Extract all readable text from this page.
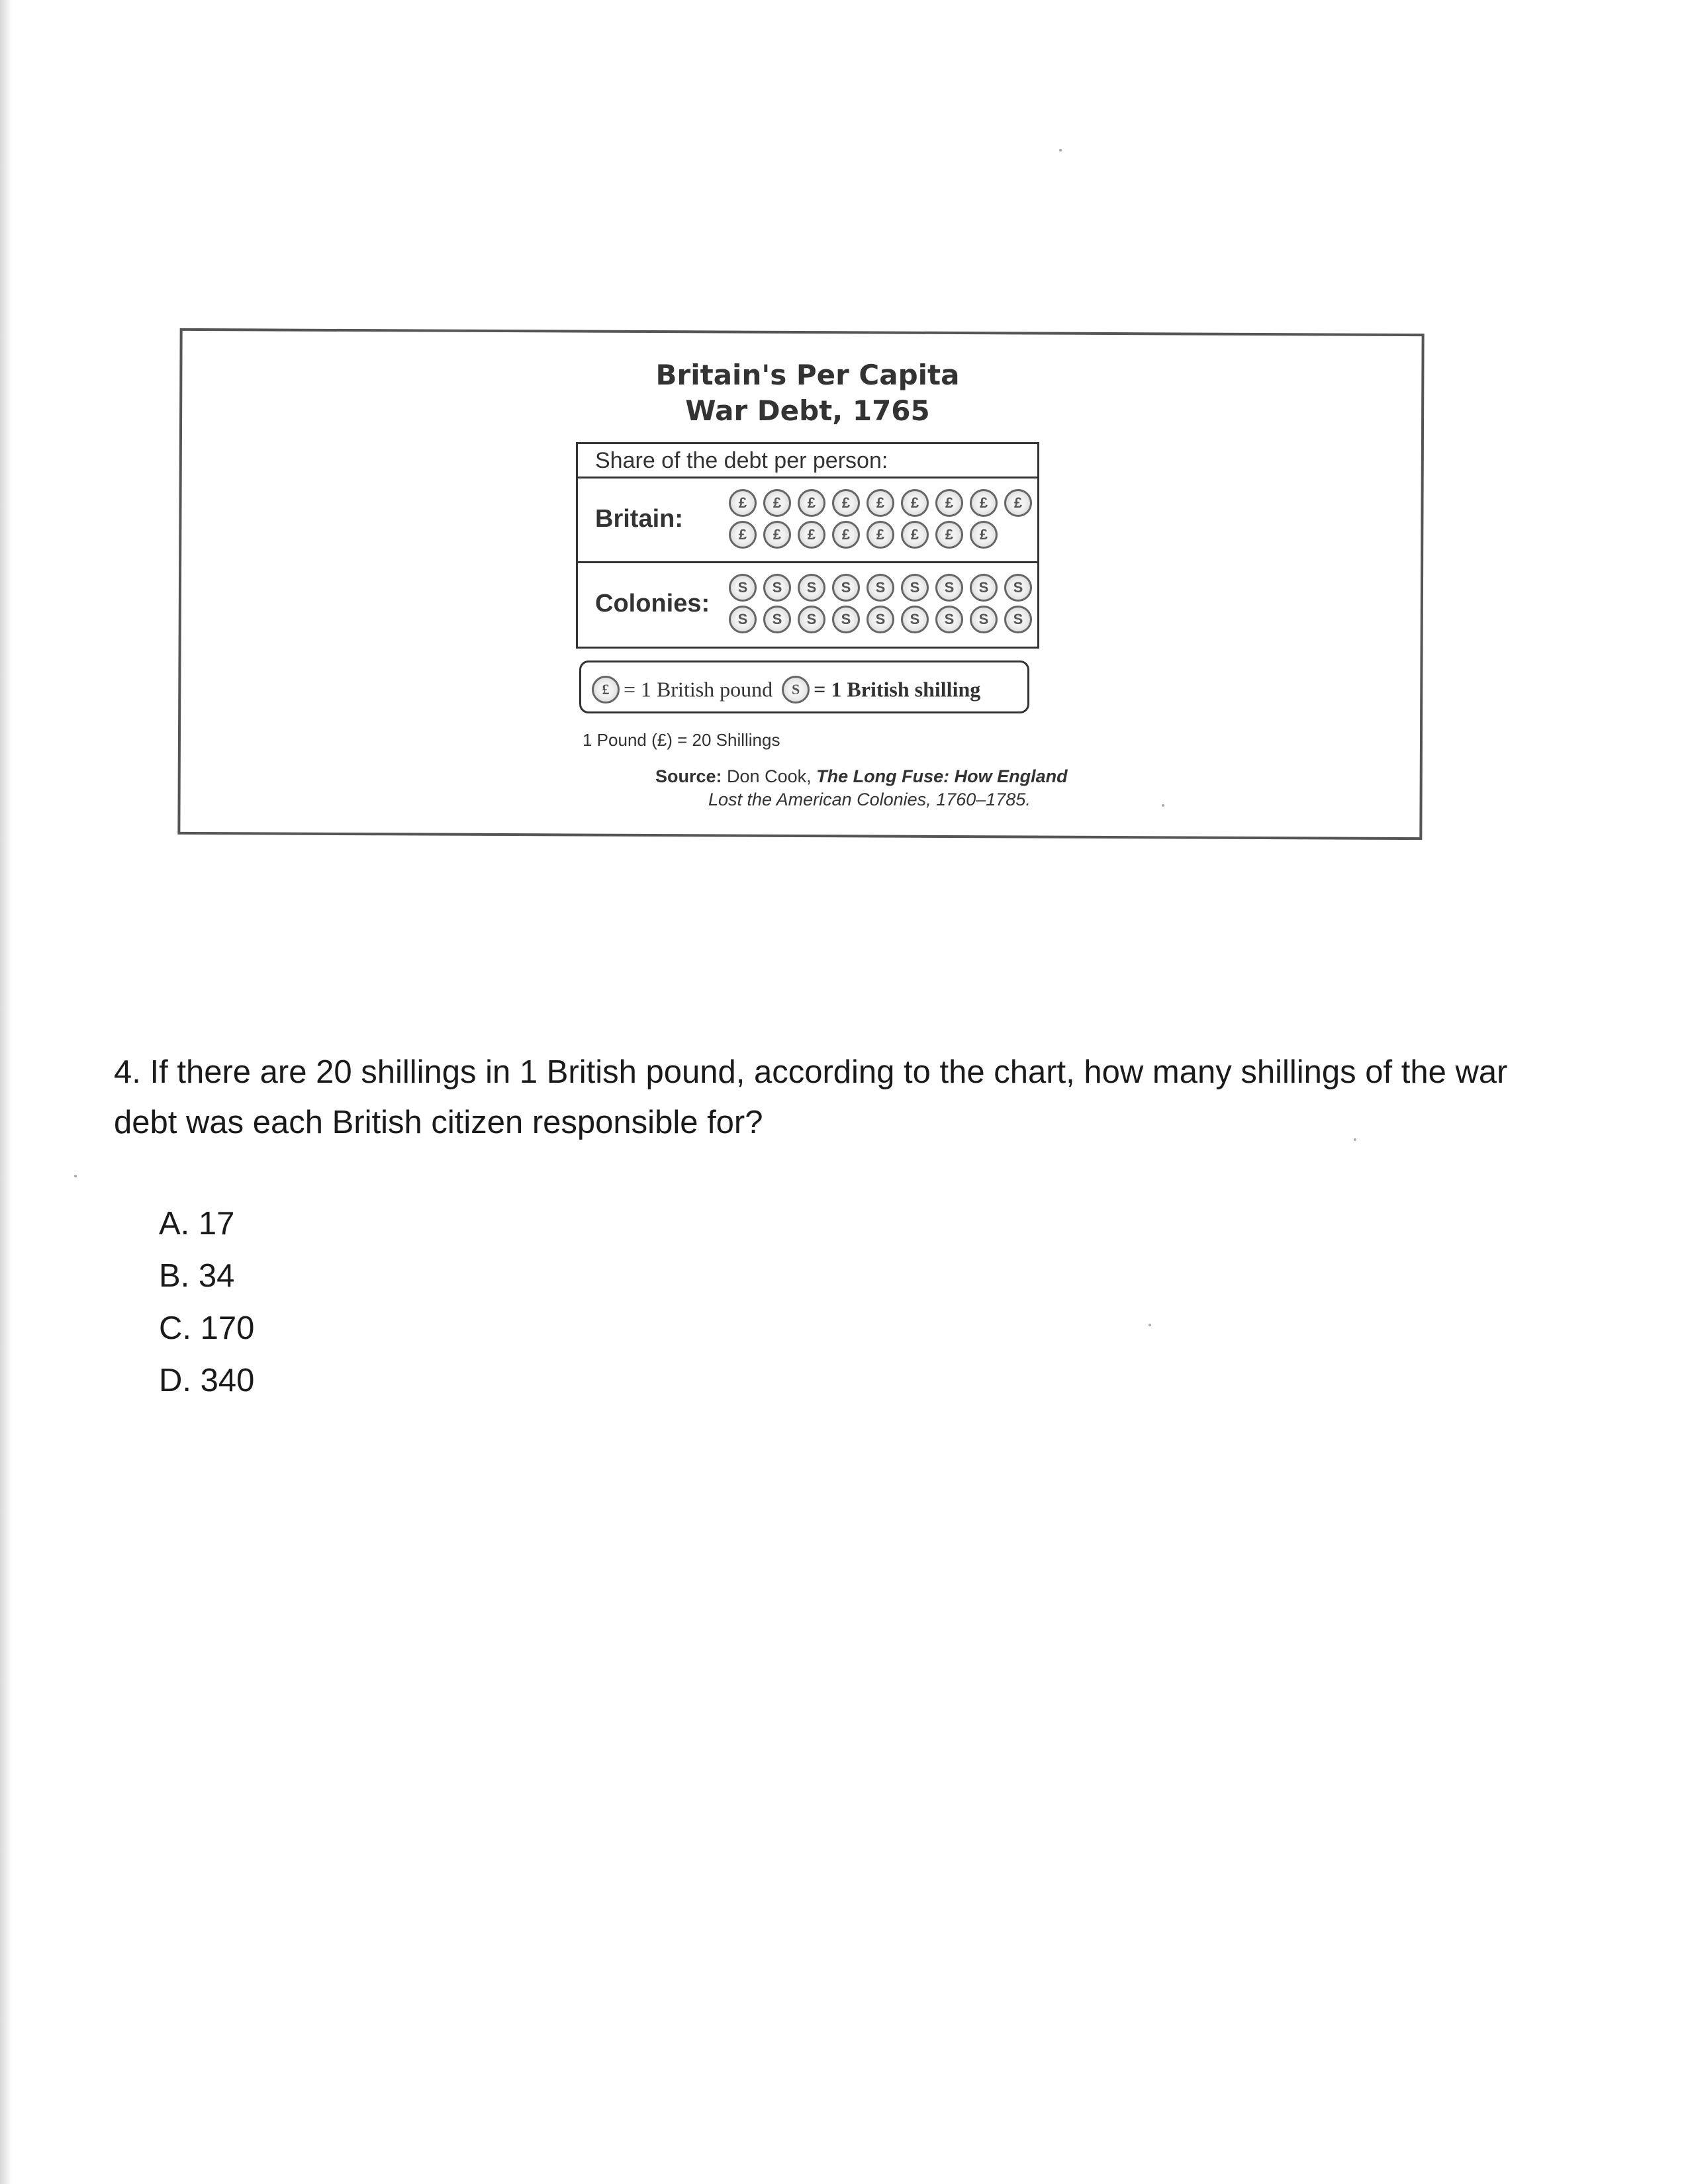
Britain's Per Capita
War Debt, 1765
Share of the debt per person:
Britain:
£ £ £ £ £ £ £ £ £
£ £ £ £ £ £ £ £
Colonies:
S S S S S S S S S
S S S S S S S S S
£ = 1 British pound S = 1 British shilling
1 Pound (£) = 20 Shillings
Source: Don Cook, The Long Fuse: How England
Lost the American Colonies, 1760–1785.
4. If there are 20 shillings in 1 British pound, according to the chart, how many shillings of the war debt was each British citizen responsible for?
A. 17
B. 34
C. 170
D. 340
